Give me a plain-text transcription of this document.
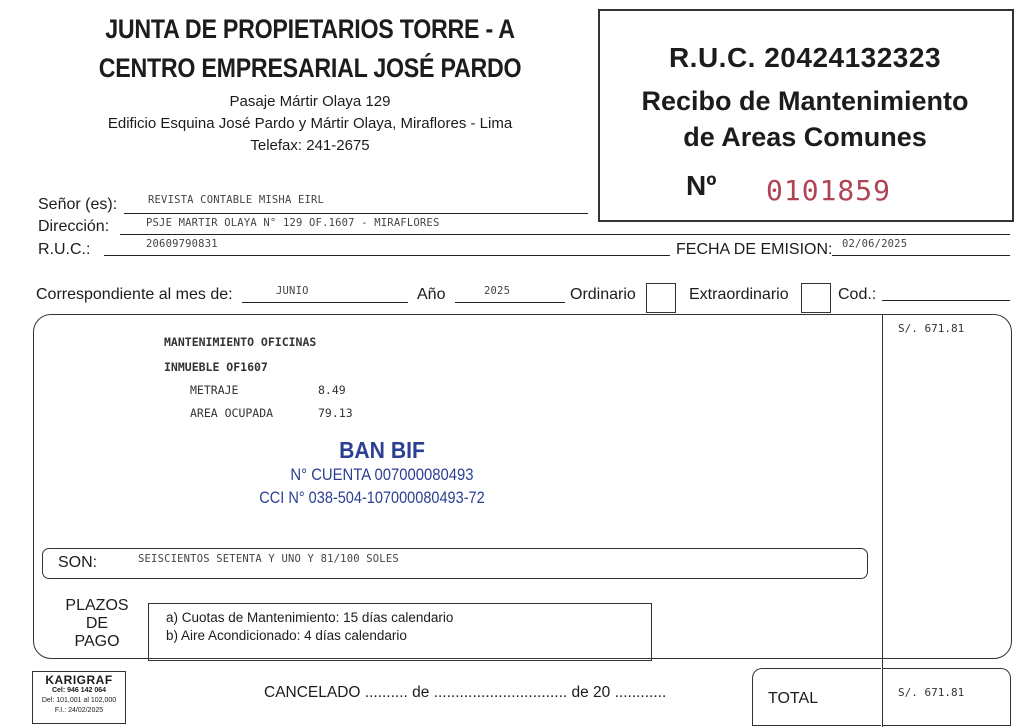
JUNTA DE PROPIETARIOS TORRE - A
CENTRO EMPRESARIAL JOSÉ PARDO
Pasaje Mártir Olaya 129
Edificio Esquina José Pardo y Mártir Olaya, Miraflores - Lima
Telefax: 241-2675
R.U.C. 20424132323
Recibo de Mantenimiento
de Areas Comunes
Nº 0101859
Señor (es):	REVISTA CONTABLE MISHA EIRL
Dirección:	PSJE MARTIR OLAYA N° 129 OF.1607 - MIRAFLORES
R.U.C.:	20609790831	FECHA DE EMISION: 02/06/2025
Correspondiente al mes de:	JUNIO	Año	2025	Ordinario	Extraordinario	Cod.:
MANTENIMIENTO OFICINAS
INMUEBLE OF1607
METRAJE	8.49
AREA OCUPADA	79.13
S/. 671.81
BAN BIF
N° CUENTA 007000080493
CCI N° 038-504-107000080493-72
SON:	SEISCIENTOS SETENTA Y UNO Y 81/100 SOLES
PLAZOS
DE
PAGO
a) Cuotas de Mantenimiento: 15 días calendario
b) Aire Acondicionado: 4 días calendario
KARIGRAF
Cel: 946 142 064
Del: 101,001 al 102,000
F.I.: 24/02/2025
CANCELADO .......... de ............................... de 20 ............	TOTAL	S/. 671.81
